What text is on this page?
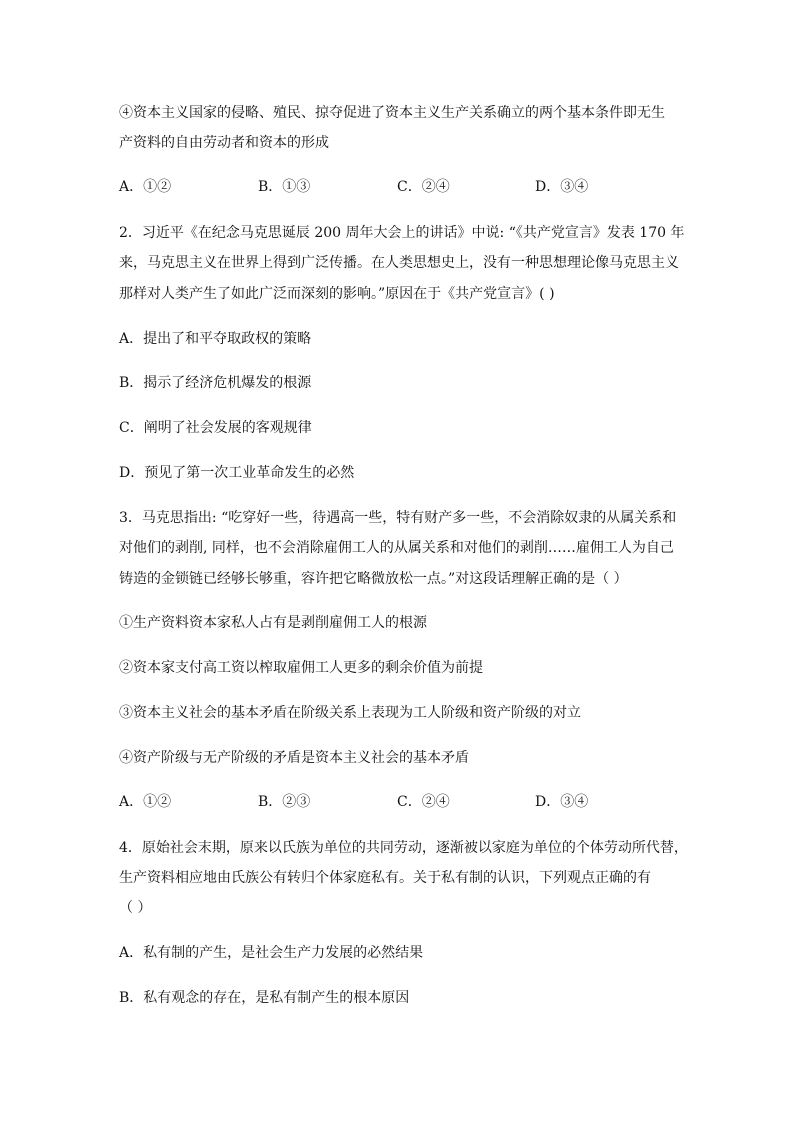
④资本主义国家的侵略、殖民、掠夺促进了资本主义生产关系确立的两个基本条件即无生
产资料的自由劳动者和资本的形成
A．①②	B．①③	C．②④	D．③④
2．习近平《在纪念马克思诞辰 200 周年大会上的讲话》中说: “《共产党宣言》发表 170 年
来，马克思主义在世界上得到广泛传播。在人类思想史上，没有一种思想理论像马克思主义
那样对人类产生了如此广泛而深刻的影响。”原因在于《共产党宣言》( )
A．提出了和平夺取政权的策略
B．揭示了经济危机爆发的根源
C．阐明了社会发展的客观规律
D．预见了第一次工业革命发生的必然
3．马克思指出: “吃穿好一些，待遇高一些，特有财产多一些，不会消除奴隶的从属关系和
对他们的剥削, 同样，也不会消除雇佣工人的从属关系和对他们的剥削……雇佣工人为自己
铸造的金锁链已经够长够重，容许把它略微放松一点。”对这段话理解正确的是（ ）
①生产资料资本家私人占有是剥削雇佣工人的根源
②资本家支付高工资以榨取雇佣工人更多的剩余价值为前提
③资本主义社会的基本矛盾在阶级关系上表现为工人阶级和资产阶级的对立
④资产阶级与无产阶级的矛盾是资本主义社会的基本矛盾
A．①②	B．②③	C．②④	D．③④
4．原始社会末期，原来以氏族为单位的共同劳动，逐渐被以家庭为单位的个体劳动所代替，
生产资料相应地由氏族公有转归个体家庭私有。关于私有制的认识，下列观点正确的有
（ ）
A．私有制的产生，是社会生产力发展的必然结果
B．私有观念的存在，是私有制产生的根本原因
